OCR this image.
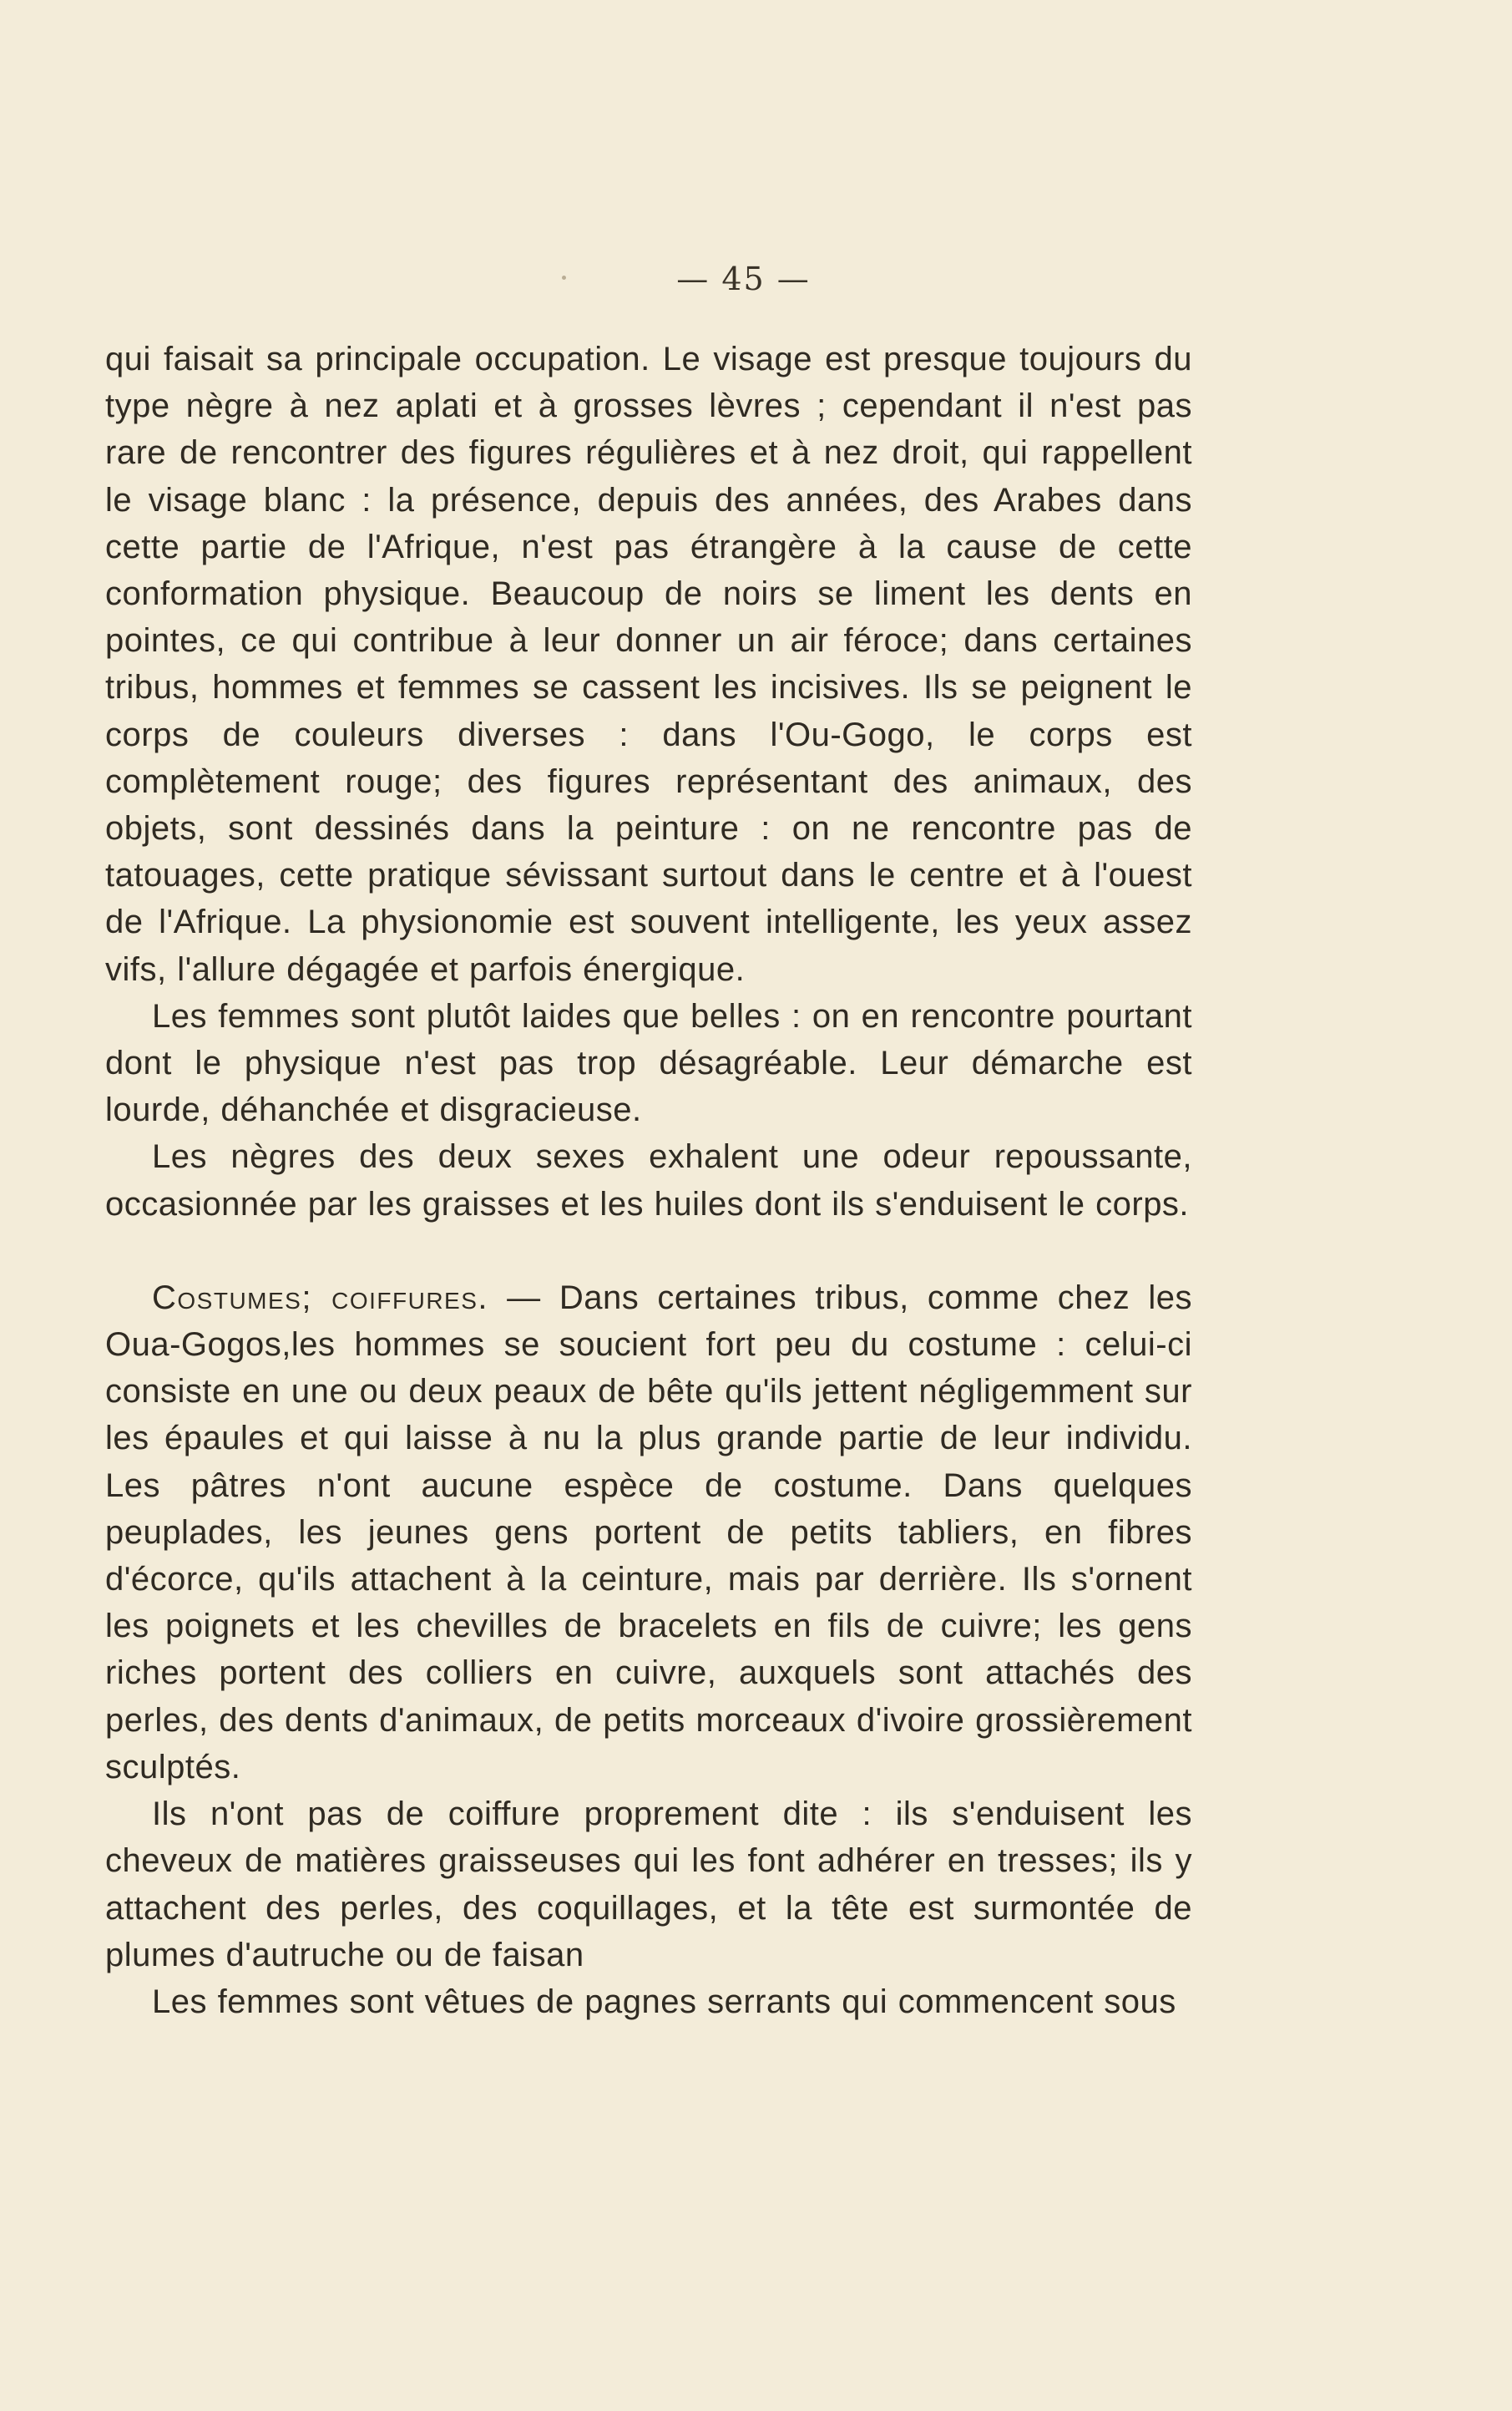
— 45 —

qui faisait sa principale occupation. Le visage est presque toujours du type nègre à nez aplati et à grosses lèvres ; cependant il n'est pas rare de rencontrer des figures régulières et à nez droit, qui rappellent le visage blanc : la présence, depuis des années, des Arabes dans cette partie de l'Afrique, n'est pas étrangère à la cause de cette conformation physique. Beaucoup de noirs se liment les dents en pointes, ce qui contribue à leur donner un air féroce; dans certaines tribus, hommes et femmes se cassent les incisives. Ils se peignent le corps de couleurs diverses : dans l'Ou-Gogo, le corps est complètement rouge; des figures représentant des animaux, des objets, sont dessinés dans la peinture : on ne rencontre pas de tatouages, cette pratique sévissant surtout dans le centre et à l'ouest de l'Afrique. La physionomie est souvent intelligente, les yeux assez vifs, l'allure dégagée et parfois énergique.

Les femmes sont plutôt laides que belles : on en rencontre pourtant dont le physique n'est pas trop désagréable. Leur démarche est lourde, déhanchée et disgracieuse.

Les nègres des deux sexes exhalent une odeur repoussante, occasionnée par les graisses et les huiles dont ils s'enduisent le corps.

Costumes; coiffures. — Dans certaines tribus, comme chez les Oua-Gogos,les hommes se soucient fort peu du costume : celui-ci consiste en une ou deux peaux de bête qu'ils jettent négligemment sur les épaules et qui laisse à nu la plus grande partie de leur individu. Les pâtres n'ont aucune espèce de costume. Dans quelques peuplades, les jeunes gens portent de petits tabliers, en fibres d'écorce, qu'ils attachent à la ceinture, mais par derrière. Ils s'ornent les poignets et les chevilles de bracelets en fils de cuivre; les gens riches portent des colliers en cuivre, auxquels sont attachés des perles, des dents d'animaux, de petits morceaux d'ivoire grossièrement sculptés.

Ils n'ont pas de coiffure proprement dite : ils s'enduisent les cheveux de matières graisseuses qui les font adhérer en tresses; ils y attachent des perles, des coquillages, et la tête est surmontée de plumes d'autruche ou de faisan

Les femmes sont vêtues de pagnes serrants qui commencent sous
